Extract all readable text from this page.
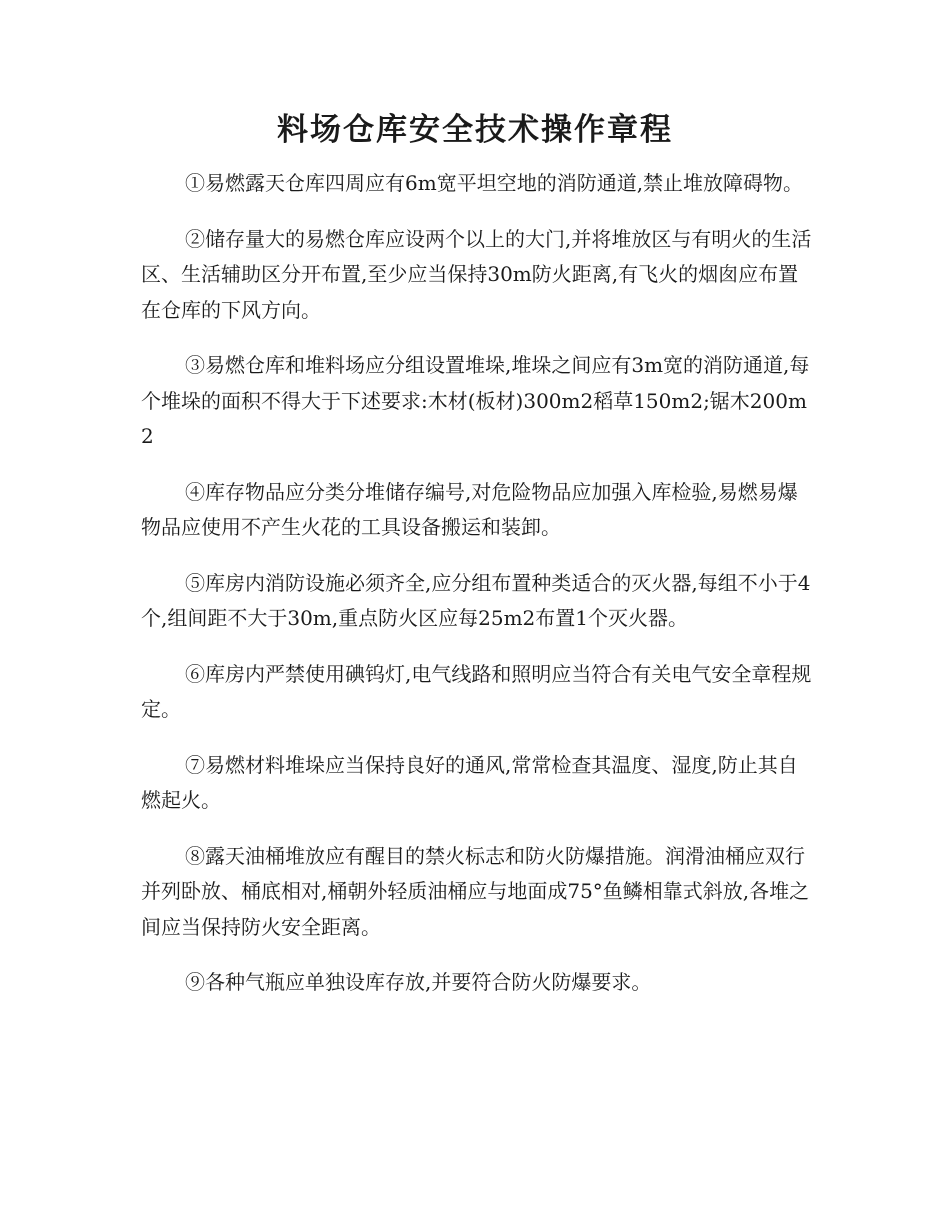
料场仓库安全技术操作章程

①易燃露天仓库四周应有6m宽平坦空地的消防通道,禁止堆放障碍物。

②储存量大的易燃仓库应设两个以上的大门,并将堆放区与有明火的生活区、生活辅助区分开布置,至少应当保持30m防火距离,有飞火的烟囱应布置在仓库的下风方向。

③易燃仓库和堆料场应分组设置堆垛,堆垛之间应有3m宽的消防通道,每个堆垛的面积不得大于下述要求:木材(板材)300m2稻草150m2;锯木200m2

④库存物品应分类分堆储存编号,对危险物品应加强入库检验,易燃易爆物品应使用不产生火花的工具设备搬运和装卸。

⑤库房内消防设施必须齐全,应分组布置种类适合的灭火器,每组不小于4个,组间距不大于30m,重点防火区应每25m2布置1个灭火器。

⑥库房内严禁使用碘钨灯,电气线路和照明应当符合有关电气安全章程规定。

⑦易燃材料堆垛应当保持良好的通风,常常检查其温度、湿度,防止其自燃起火。

⑧露天油桶堆放应有醒目的禁火标志和防火防爆措施。润滑油桶应双行并列卧放、桶底相对,桶朝外轻质油桶应与地面成75°鱼鳞相靠式斜放,各堆之间应当保持防火安全距离。

⑨各种气瓶应单独设库存放,并要符合防火防爆要求。
